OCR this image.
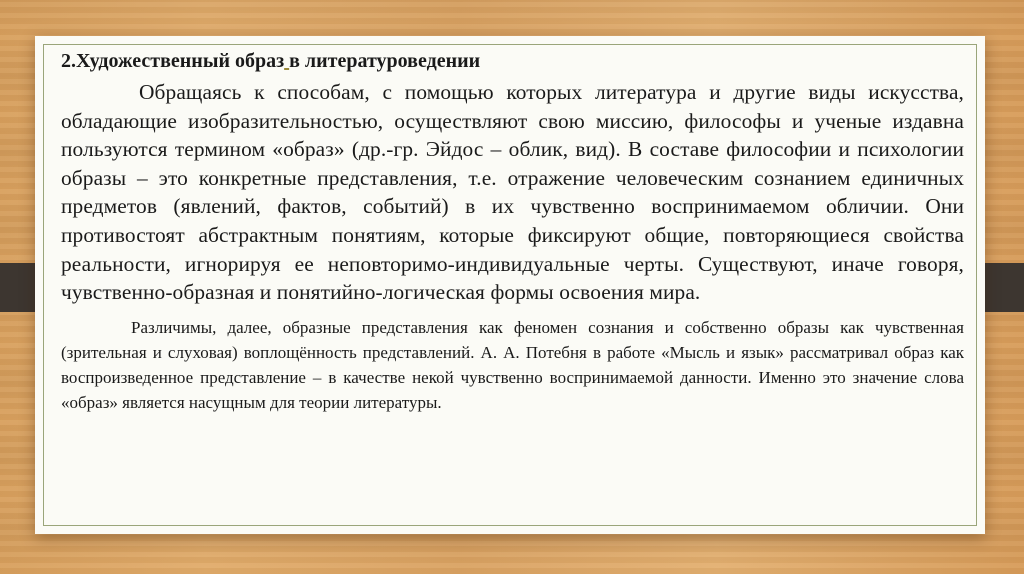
2.Художественный образ в литературоведении

Обращаясь к способам, с помощью которых литература и другие виды искусства, обладающие изобразительностью, осуществляют свою миссию, философы и ученые издавна пользуются термином «образ» (др.-гр. Эйдос – облик, вид). В составе философии и психологии образы – это конкретные представления, т.е. отражение человеческим сознанием единичных предметов (явлений, фактов, событий) в их чувственно воспринимаемом обличии. Они противостоят абстрактным понятиям, которые фиксируют общие, повторяющиеся свойства реальности, игнорируя ее неповторимо-индивидуальные черты. Существуют, иначе говоря, чувственно-образная и понятийно-логическая формы освоения мира.

Различимы, далее, образные представления как феномен сознания и собственно образы как чувственная (зрительная и слуховая) воплощённость представлений. А. А. Потебня в работе «Мысль и язык» рассматривал образ как воспроизведенное представление – в качестве некой чувственно воспринимаемой данности. Именно это значение слова «образ» является насущным для теории литературы.
